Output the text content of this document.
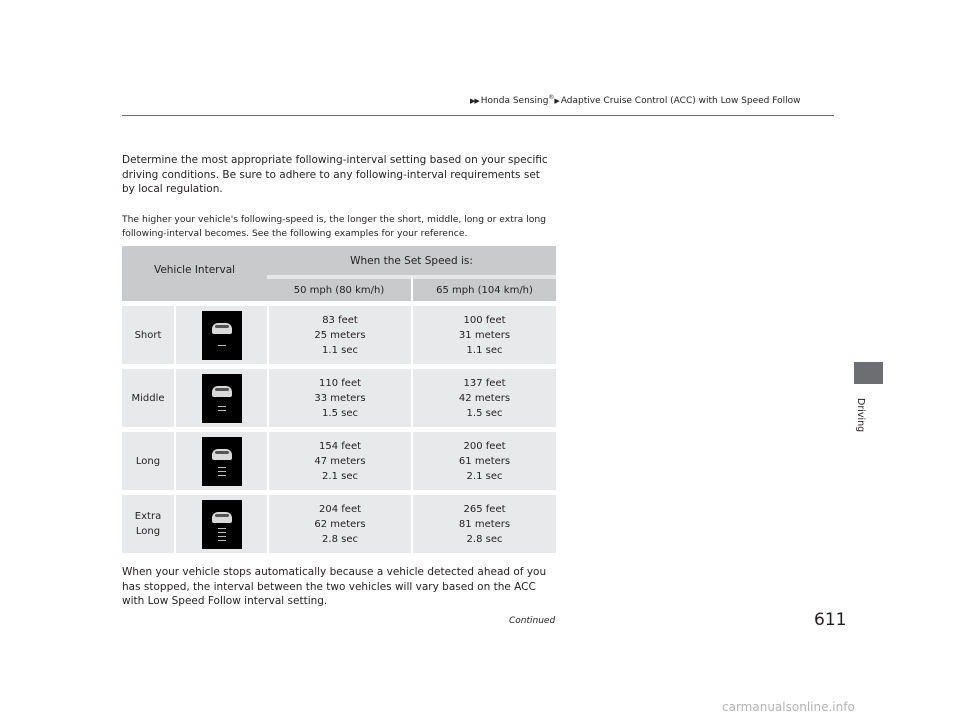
▶▶ Honda Sensing®▶ Adaptive Cruise Control (ACC) with Low Speed Follow
Determine the most appropriate following-interval setting based on your specific driving conditions. Be sure to adhere to any following-interval requirements set by local regulation.
The higher your vehicle's following-speed is, the longer the short, middle, long or extra long following-interval becomes. See the following examples for your reference.
Vehicle Interval		When the Set Speed is:	
		50 mph (80 km/h)	65 mph (104 km/h)

Short		83 feet
25 meters
1.1 sec	100 feet
31 meters
1.1 sec

Middle		110 feet
33 meters
1.5 sec	137 feet
42 meters
1.5 sec

Long		154 feet
47 meters
2.1 sec	200 feet
61 meters
2.1 sec

Extra
Long		204 feet
62 meters
2.8 sec	265 feet
81 meters
2.8 sec
When your vehicle stops automatically because a vehicle detected ahead of you has stopped, the interval between the two vehicles will vary based on the ACC with Low Speed Follow interval setting.
Driving
Continued	611
carmanualsonline.info
